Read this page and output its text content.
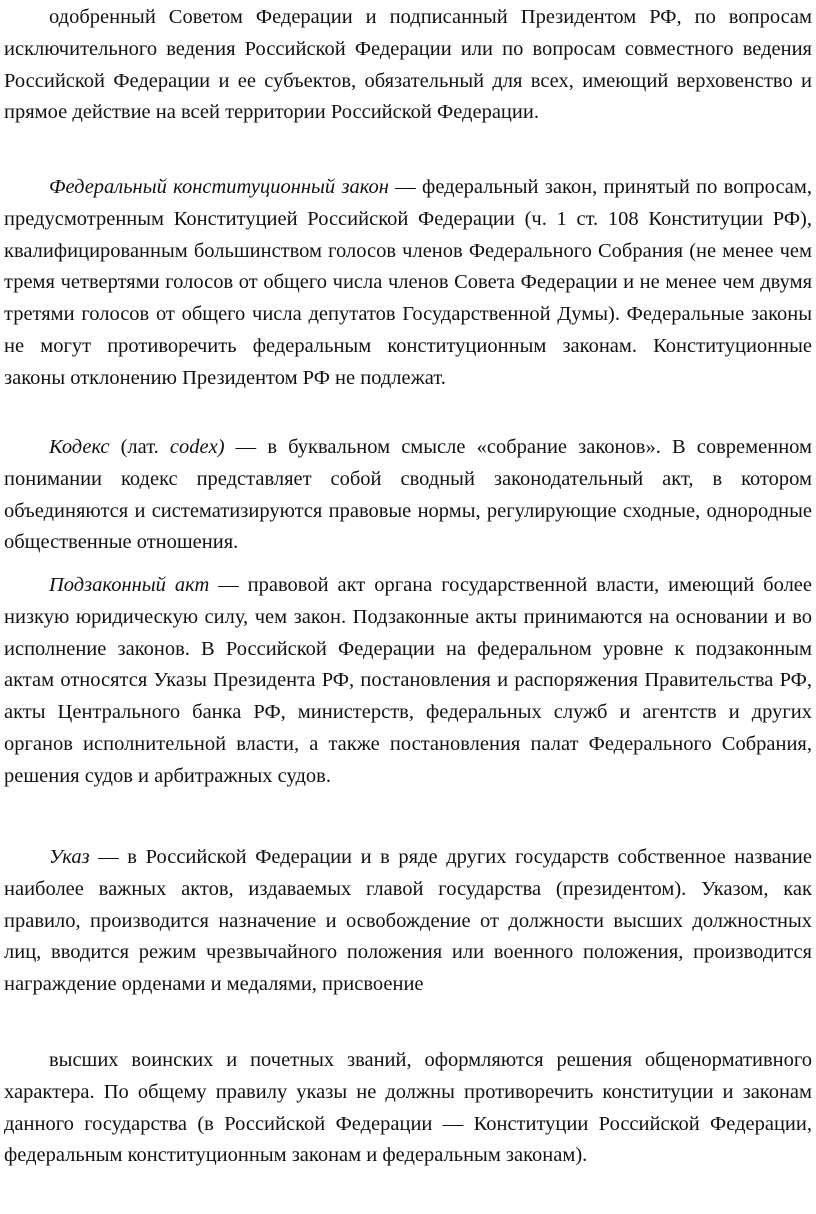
одобренный Советом Федерации и подписанный Президентом РФ, по вопросам исключительного ведения Российской Федерации или по вопросам совместного ведения Российской Федерации и ее субъектов, обязательный для всех, имеющий верховенство и прямое действие на всей территории Российской Федерации.

Федеральный конституционный закон — федеральный закон, принятый по вопросам, предусмотренным Конституцией Российской Федерации (ч. 1 ст. 108 Конституции РФ), квалифицированным большинством голосов членов Федерального Собрания (не менее чем тремя четвертями голосов от общего числа членов Совета Федерации и не менее чем двумя третями голосов от общего числа депутатов Государственной Думы). Федеральные законы не могут противоречить федеральным конституционным законам. Конституционные законы отклонению Президентом РФ не подлежат.

Кодекс (лат. codex) — в буквальном смысле «собрание законов». В современном понимании кодекс представляет собой сводный законодательный акт, в котором объединяются и систематизируются правовые нормы, регулирующие сходные, однородные общественные отношения.

Подзаконный акт — правовой акт органа государственной власти, имеющий более низкую юридическую силу, чем закон. Подзаконные акты принимаются на основании и во исполнение законов. В Российской Федерации на федеральном уровне к подзаконным актам относятся Указы Президента РФ, постановления и распоряжения Правительства РФ, акты Центрального банка РФ, министерств, федеральных служб и агентств и других органов исполнительной власти, а также постановления палат Федерального Собрания, решения судов и арбитражных судов.

Указ — в Российской Федерации и в ряде других государств собственное название наиболее важных актов, издаваемых главой государства (президентом). Указом, как правило, производится назначение и освобождение от должности высших должностных лиц, вводится режим чрезвычайного положения или военного положения, производится награждение орденами и медалями, присвоение

высших воинских и почетных званий, оформляются решения общенормативного характера. По общему правилу указы не должны противоречить конституции и законам данного государства (в Российской Федерации — Конституции Российской Федерации, федеральным конституционным законам и федеральным законам).
